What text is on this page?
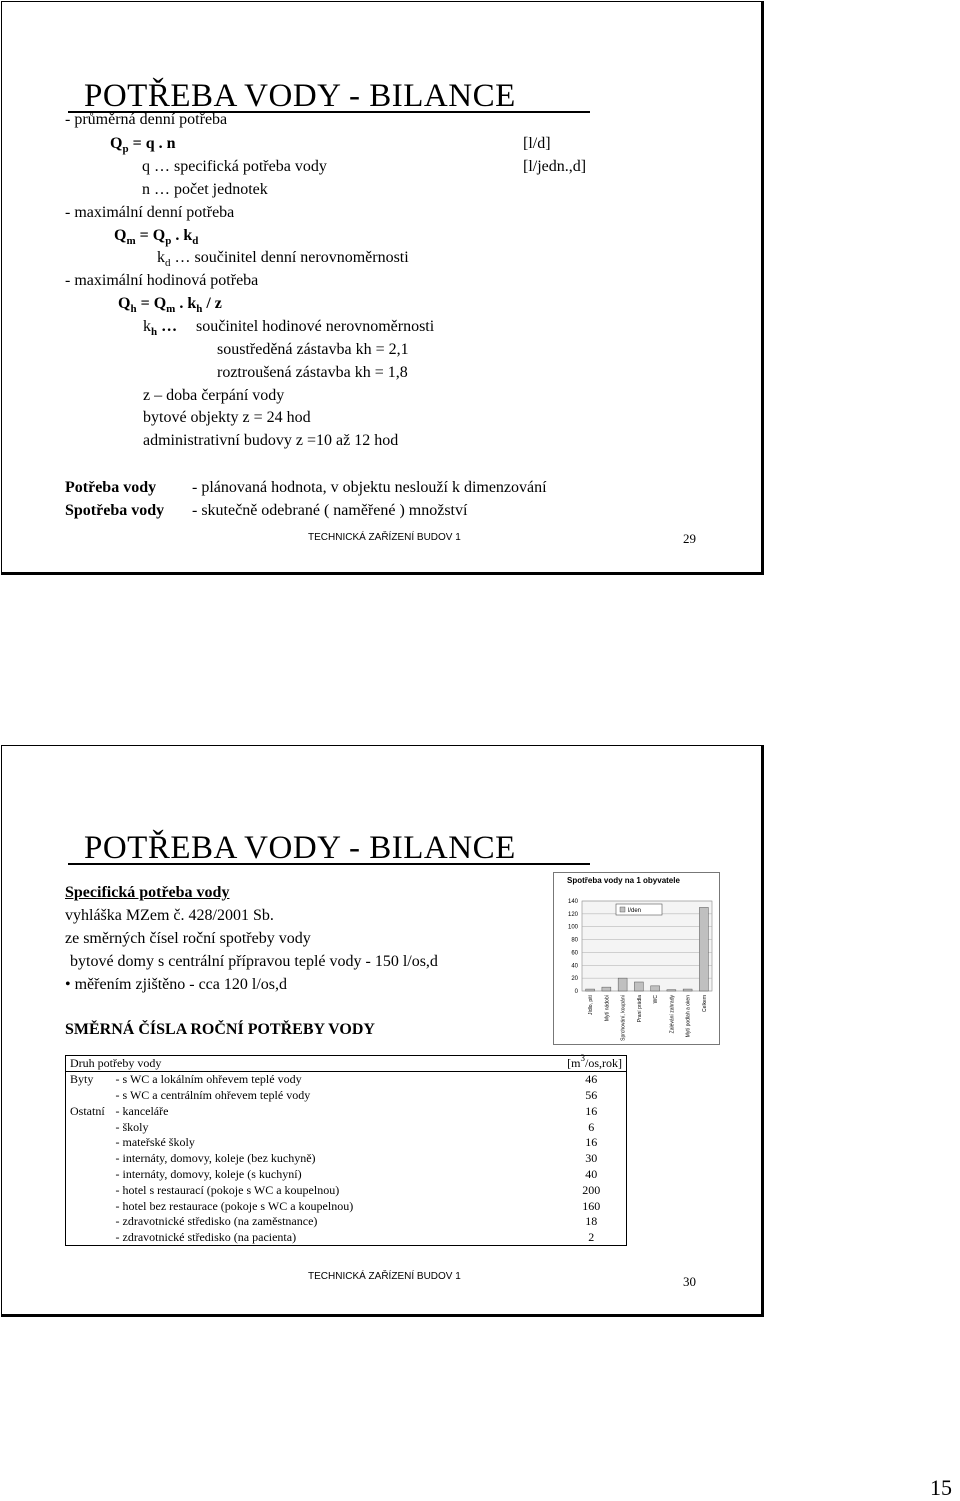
POTŘEBA VODY - BILANCE
- průměrná denní potřeba
$Q_p = q$ . n	[l/d]
q … specifická potřeba vody	[l/jedn.,d]
n … počet jednotek
- maximální denní potřeba
$Q_m = Q_p$ . $k_d$
$k_d$ … součinitel denní nerovnoměrnosti
- maximální hodinová potřeba
$Q_h = Q_m$ . $k_h$ / z
$k_h$ … součinitel hodinové nerovnoměrnosti
soustředěná zástavba kh = 2,1
roztroušená zástavba kh = 1,8
z – doba čerpání vody
bytové objekty z = 24 hod
administrativní budovy z =10 až 12 hod
Potřeba vody - plánovaná hodnota, v objektu neslouží k dimenzování
Spotřeba vody - skutečně odebrané ( naměřené ) množství
TECHNICKÁ ZAŘÍZENÍ BUDOV 1	29
POTŘEBA VODY - BILANCE
Specifická potřeba vody
vyhláška MZem č. 428/2001 Sb.
ze směrných čísel roční spotřeby vody
bytové domy s centrální přípravou teplé vody - 150 l/os,d
• měřením zjištěno - cca 120 l/os,d
SMĚRNÁ ČÍSLA ROČNÍ POTŘEBY VODY
Spotřeba vody na 1 obyvatele
140
120
100
80
60
40
20
0
l/den
Jídlo, pití Mytí nádobí Sprchování, koupání Praní prádla WC Zalévání zahrady Mytí podlah a oken Celkem
Druh potřeby vody		$[m^3/os,rok]$
Byty	- s WC a lokálním ohřevem teplé vody	46
	- s WC a centrálním ohřevem teplé vody	56
Ostatní	- kanceláře	16
	- školy	6
	- mateřské školy	16
	- internáty, domovy, koleje (bez kuchyně)	30
	- internáty, domovy, koleje (s kuchyní)	40
	- hotel s restaurací (pokoje s WC a koupelnou)	200
	- hotel bez restaurace (pokoje s WC a koupelnou)	160
	- zdravotnické středisko (na zaměstnance)	18
	- zdravotnické středisko (na pacienta)	2
TECHNICKÁ ZAŘÍZENÍ BUDOV 1	30
15
